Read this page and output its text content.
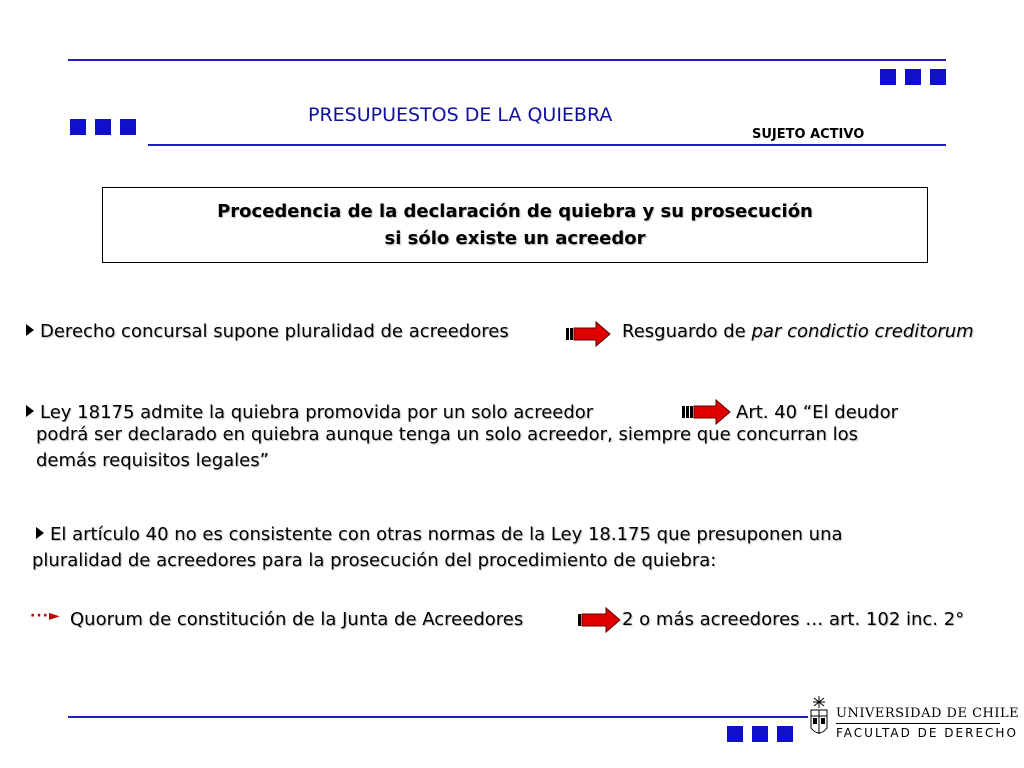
PRESUPUESTOS DE LA QUIEBRA
SUJETO ACTIVO
Procedencia de la declaración de quiebra y su prosecución
si sólo existe un acreedor
Derecho concursal supone pluralidad de acreedores	Resguardo de par condictio creditorum
Ley 18175 admite la quiebra promovida por un solo acreedor	Art. 40 “El deudor
podrá ser declarado en quiebra aunque tenga un solo acreedor, siempre que concurran los
demás requisitos legales”
El artículo 40 no es consistente con otras normas de la Ley 18.175 que presuponen una
pluralidad de acreedores para la prosecución del procedimiento de quiebra:
···► Quorum de constitución de la Junta de Acreedores	2 o más acreedores … art. 102 inc. 2°
UNIVERSIDAD DE CHILE
FACULTAD DE DERECHO
